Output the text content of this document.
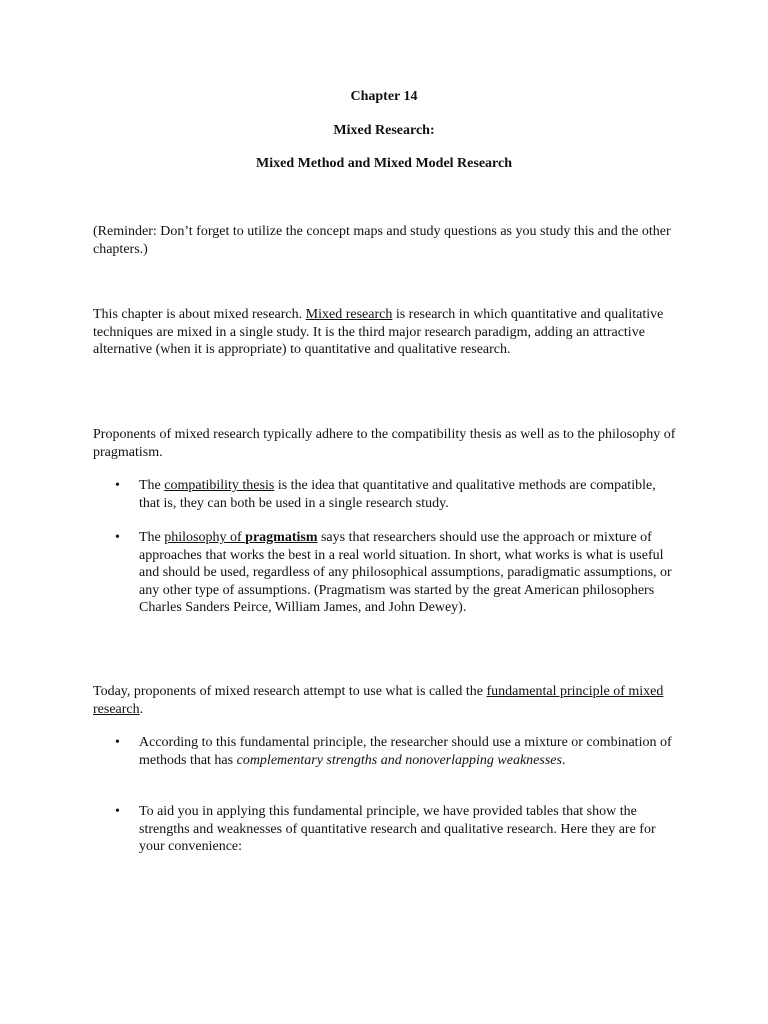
Chapter 14
Mixed Research:
Mixed Method and Mixed Model Research
(Reminder: Don’t forget to utilize the concept maps and study questions as you study this and the other chapters.)
This chapter is about mixed research. Mixed research is research in which quantitative and qualitative techniques are mixed in a single study. It is the third major research paradigm, adding an attractive alternative (when it is appropriate) to quantitative and qualitative research.
Proponents of mixed research typically adhere to the compatibility thesis as well as to the philosophy of pragmatism.
•	The compatibility thesis is the idea that quantitative and qualitative methods are compatible, that is, they can both be used in a single research study.
•	The philosophy of pragmatism says that researchers should use the approach or mixture of approaches that works the best in a real world situation. In short, what works is what is useful and should be used, regardless of any philosophical assumptions, paradigmatic assumptions, or any other type of assumptions. (Pragmatism was started by the great American philosophers Charles Sanders Peirce, William James, and John Dewey).
Today, proponents of mixed research attempt to use what is called the fundamental principle of mixed research.
•	According to this fundamental principle, the researcher should use a mixture or combination of methods that has complementary strengths and nonoverlapping weaknesses.
•	To aid you in applying this fundamental principle, we have provided tables that show the strengths and weaknesses of quantitative research and qualitative research. Here they are for your convenience:
